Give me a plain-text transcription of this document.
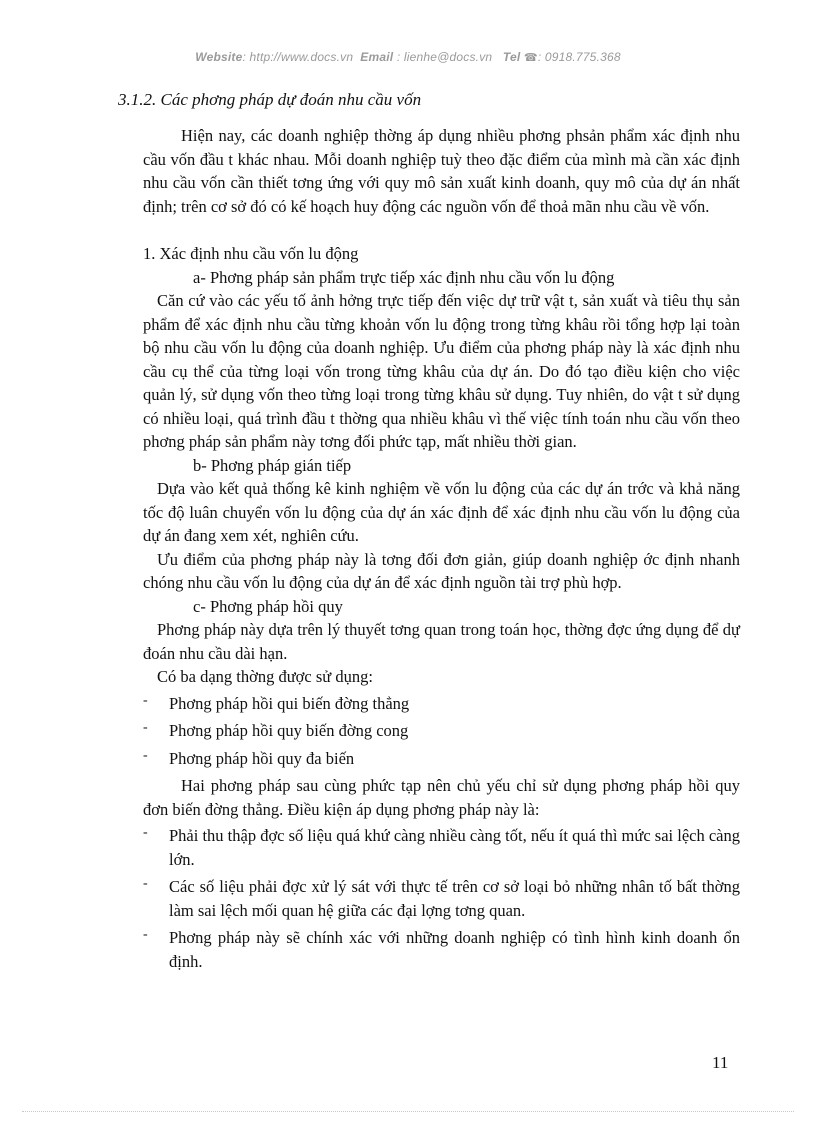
Website: http://www.docs.vn Email : lienhe@docs.vn Tel ☎: 0918.775.368
3.1.2. Các phơng pháp dự đoán nhu cầu vốn

Hiện nay, các doanh nghiệp thờng áp dụng nhiều phơng phsản phẩm xác định nhu cầu vốn đầu t khác nhau. Mỗi doanh nghiệp tuỳ theo đặc điểm của mình mà cần xác định nhu cầu vốn cần thiết tơng ứng với quy mô sản xuất kinh doanh, quy mô của dự án nhất định; trên cơ sở đó có kế hoạch huy động các nguồn vốn để thoả mãn nhu cầu về vốn.

1. Xác định nhu cầu vốn lu động

a- Phơng pháp sản phẩm trực tiếp xác định nhu cầu vốn lu động

Căn cứ vào các yếu tố ảnh hởng trực tiếp đến việc dự trữ vật t, sản xuất và tiêu thụ sản phẩm để xác định nhu cầu từng khoản vốn lu động trong từng khâu rồi tổng hợp lại toàn bộ nhu cầu vốn lu động của doanh nghiệp. Ưu điểm của phơng pháp này là xác định nhu cầu cụ thể của từng loại vốn trong từng khâu của dự án. Do đó tạo điều kiện cho việc quản lý, sử dụng vốn theo từng loại trong từng khâu sử dụng. Tuy nhiên, do vật t sử dụng có nhiều loại, quá trình đầu t thờng qua nhiều khâu vì thế việc tính toán nhu cầu vốn theo phơng pháp sản phẩm này tơng đối phức tạp, mất nhiều thời gian.

b- Phơng pháp gián tiếp

Dựa vào kết quả thống kê kinh nghiệm về vốn lu động của các dự án trớc và khả năng tốc độ luân chuyển vốn lu động của dự án xác định để xác định nhu cầu vốn lu động của dự án đang xem xét, nghiên cứu.

Ưu điểm của phơng pháp này là tơng đối đơn giản, giúp doanh nghiệp ớc định nhanh chóng nhu cầu vốn lu động của dự án để xác định nguồn tài trợ phù hợp.

c- Phơng pháp hồi quy

Phơng pháp này dựa trên lý thuyết tơng quan trong toán học, thờng đợc ứng dụng để dự đoán nhu cầu dài hạn.

Có ba dạng thờng được sử dụng:

- Phơng pháp hồi qui biến đờng thẳng
- Phơng pháp hồi quy biến đờng cong
- Phơng pháp hồi quy đa biến

Hai phơng pháp sau cùng phức tạp nên chủ yếu chỉ sử dụng phơng pháp hồi quy đơn biến đờng thẳng. Điều kiện áp dụng phơng pháp này là:

- Phải thu thập đợc số liệu quá khứ càng nhiều càng tốt, nếu ít quá thì mức sai lệch càng lớn.
- Các số liệu phải đợc xử lý sát với thực tế trên cơ sở loại bỏ những nhân tố bất thờng làm sai lệch mối quan hệ giữa các đại lợng tơng quan.
- Phơng pháp này sẽ chính xác với những doanh nghiệp có tình hình kinh doanh ổn định.
11
